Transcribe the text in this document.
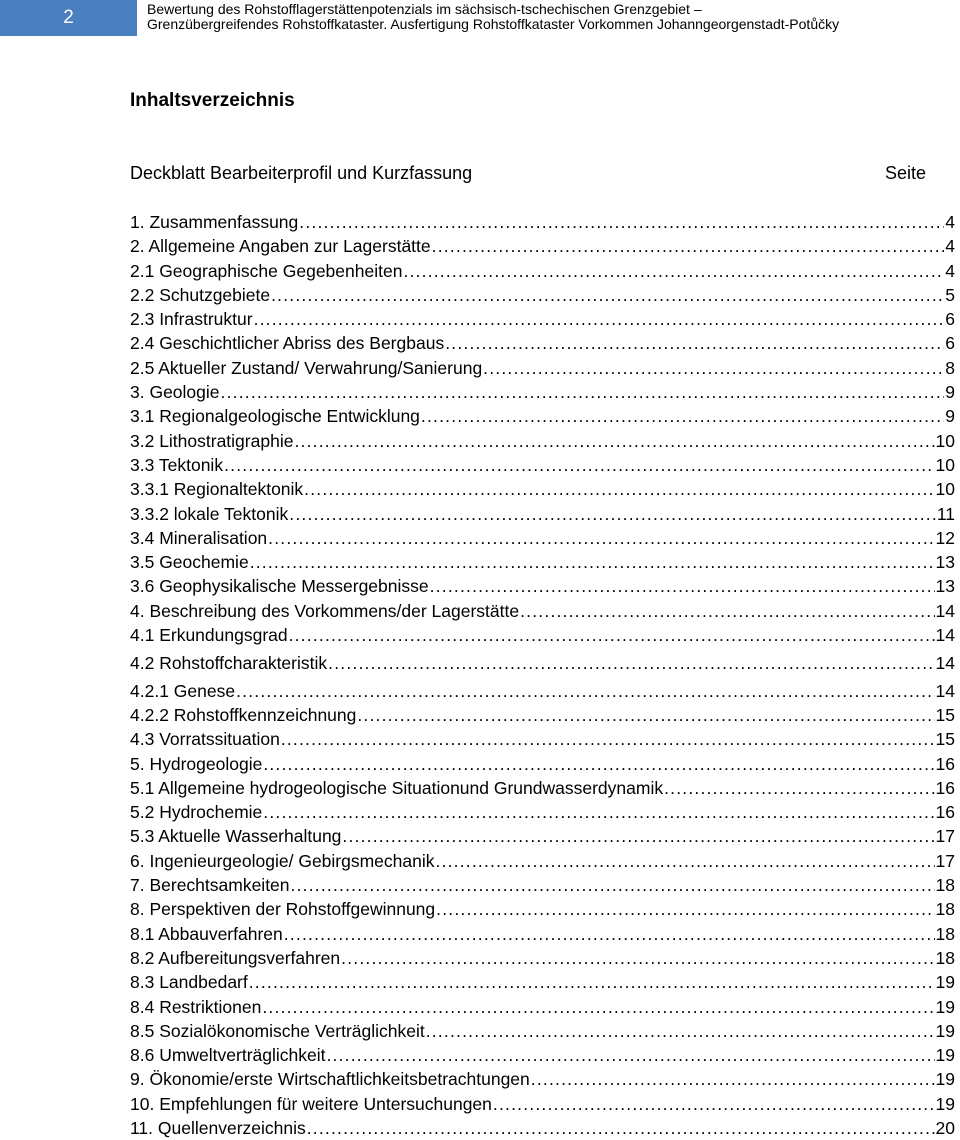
2	Bewertung des Rohstofflagerstättenpotenzials im sächsisch-tschechischen Grenzgebiet –
Grenzübergreifendes Rohstoffkataster. Ausfertigung Rohstoffkataster Vorkommen Johanngeorgenstadt-Potůčky
Inhaltsverzeichnis
Deckblatt Bearbeiterprofil und Kurzfassung	Seite
1. Zusammenfassung .....	4
2. Allgemeine Angaben zur Lagerstätte .....	4
2.1 Geographische Gegebenheiten .....	4
2.2 Schutzgebiete .....	5
2.3 Infrastruktur .....	6
2.4 Geschichtlicher Abriss des Bergbaus .....	6
2.5 Aktueller Zustand/ Verwahrung/Sanierung .....	8
3. Geologie .....	9
3.1 Regionalgeologische Entwicklung .....	9
3.2 Lithostratigraphie .....	10
3.3 Tektonik .....	10
3.3.1 Regionaltektonik .....	10
3.3.2 lokale Tektonik .....	11
3.4 Mineralisation .....	12
3.5 Geochemie .....	13
3.6 Geophysikalische Messergebnisse .....	13
4. Beschreibung des Vorkommens/der Lagerstätte .....	14
4.1 Erkundungsgrad .....	14
4.2 Rohstoffcharakteristik .....	14
4.2.1 Genese .....	14
4.2.2 Rohstoffkennzeichnung .....	15
4.3 Vorratssituation .....	15
5. Hydrogeologie .....	16
5.1 Allgemeine hydrogeologische Situationund Grundwasserdynamik .....	16
5.2 Hydrochemie .....	16
5.3 Aktuelle Wasserhaltung .....	17
6. Ingenieurgeologie/ Gebirgsmechanik .....	17
7. Berechtsamkeiten .....	18
8. Perspektiven der Rohstoffgewinnung .....	18
8.1 Abbauverfahren .....	18
8.2 Aufbereitungsverfahren .....	18
8.3 Landbedarf .....	19
8.4 Restriktionen .....	19
8.5 Sozialökonomische Verträglichkeit .....	19
8.6 Umweltverträglichkeit .....	19
9. Ökonomie/erste Wirtschaftlichkeitsbetrachtungen .....	19
10. Empfehlungen für weitere Untersuchungen .....	19
11. Quellenverzeichnis .....	20
